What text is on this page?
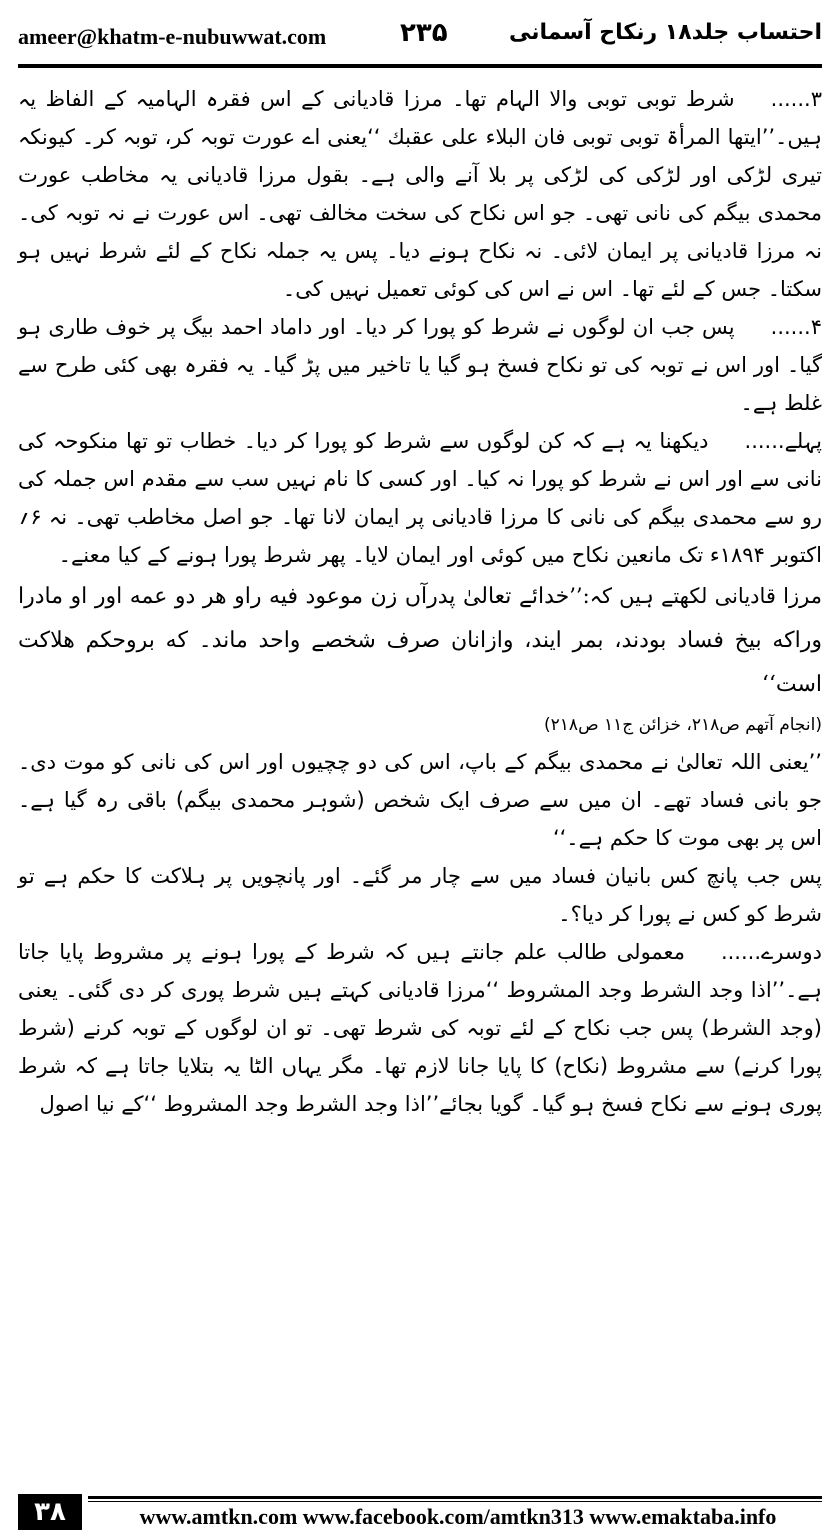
ameer@khatm-e-nubuwwat.com	۲۳۵	احتساب جلد۱۸ رنکاح آسمانی

۳......شرط توبی توبی والا الہام تھا۔ مرزا قادیانی کے اس فقرہ الہامیہ کے الفاظ یہ ہیں۔’’ایتھا المرأۃ توبی توبی فان البلاء علی عقبك ‘‘یعنی اے عورت توبہ کر، توبہ کر۔ کیونکہ تیری لڑکی اور لڑکی کی لڑکی پر بلا آنے والی ہے۔ بقول مرزا قادیانی یہ مخاطب عورت محمدی بیگم کی نانی تھی۔ جو اس نکاح کی سخت مخالف تھی۔ اس عورت نے نہ توبہ کی۔ نہ مرزا قادیانی پر ایمان لائی۔ نہ نکاح ہونے دیا۔ پس یہ جملہ نکاح کے لئے شرط نہیں ہو سکتا۔ جس کے لئے تھا۔ اس نے اس کی کوئی تعمیل نہیں کی۔

۴......پس جب ان لوگوں نے شرط کو پورا کر دیا۔ اور داماد احمد بیگ پر خوف طاری ہو گیا۔ اور اس نے توبہ کی تو نکاح فسخ ہو گیا یا تاخیر میں پڑ گیا۔ یہ فقرہ بھی کئی طرح سے غلط ہے۔

پہلے......دیکھنا یہ ہے کہ کن لوگوں سے شرط کو پورا کر دیا۔ خطاب تو تھا منکوحہ کی نانی سے اور اس نے شرط کو پورا نہ کیا۔ اور کسی کا نام نہیں سب سے مقدم اس جملہ کی رو سے محمدی بیگم کی نانی کا مرزا قادیانی پر ایمان لانا تھا۔ جو اصل مخاطب تھی۔ نہ ۶؍ اکتوبر ۱۸۹۴ء تک مانعین نکاح میں کوئی اور ایمان لایا۔ پھر شرط پورا ہونے کے کیا معنے۔

مرزا قادیانی لکھتے ہیں کہ:’’خدائے تعالیٰ پدرآں زن موعود فیه راو هر دو عمه اور او مادرا وراکه بیخ فساد بودند، بمر ایند، وازانان صرف شخصے واحد ماند۔ که بروحکم هلاکت است‘‘

(انجام آتھم ص۲۱۸، خزائن ج۱۱ ص۲۱۸)

’’یعنی اللہ تعالیٰ نے محمدی بیگم کے باپ، اس کی دو چچیوں اور اس کی نانی کو موت دی۔ جو بانی فساد تھے۔ ان میں سے صرف ایک شخص (شوہر محمدی بیگم) باقی رہ گیا ہے۔ اس پر بھی موت کا حکم ہے۔‘‘

پس جب پانچ کس بانیان فساد میں سے چار مر گئے۔ اور پانچویں پر ہلاکت کا حکم ہے تو شرط کو کس نے پورا کر دیا؟۔

دوسرے......معمولی طالب علم جانتے ہیں کہ شرط کے پورا ہونے پر مشروط پایا جاتا ہے۔’’اذا وجد الشرط وجد المشروط ‘‘مرزا قادیانی کہتے ہیں شرط پوری کر دی گئی۔ یعنی (وجد الشرط) پس جب نکاح کے لئے توبہ کی شرط تھی۔ تو ان لوگوں کے توبہ کرنے (شرط پورا کرنے) سے مشروط (نکاح) کا پایا جانا لازم تھا۔ مگر یہاں الٹا یہ بتلایا جاتا ہے کہ شرط پوری ہونے سے نکاح فسخ ہو گیا۔ گویا بجائے’’اذا وجد الشرط وجد المشروط ‘‘کے نیا اصول

۳۸	www.amtkn.com www.facebook.com/amtkn313 www.emaktaba.info
